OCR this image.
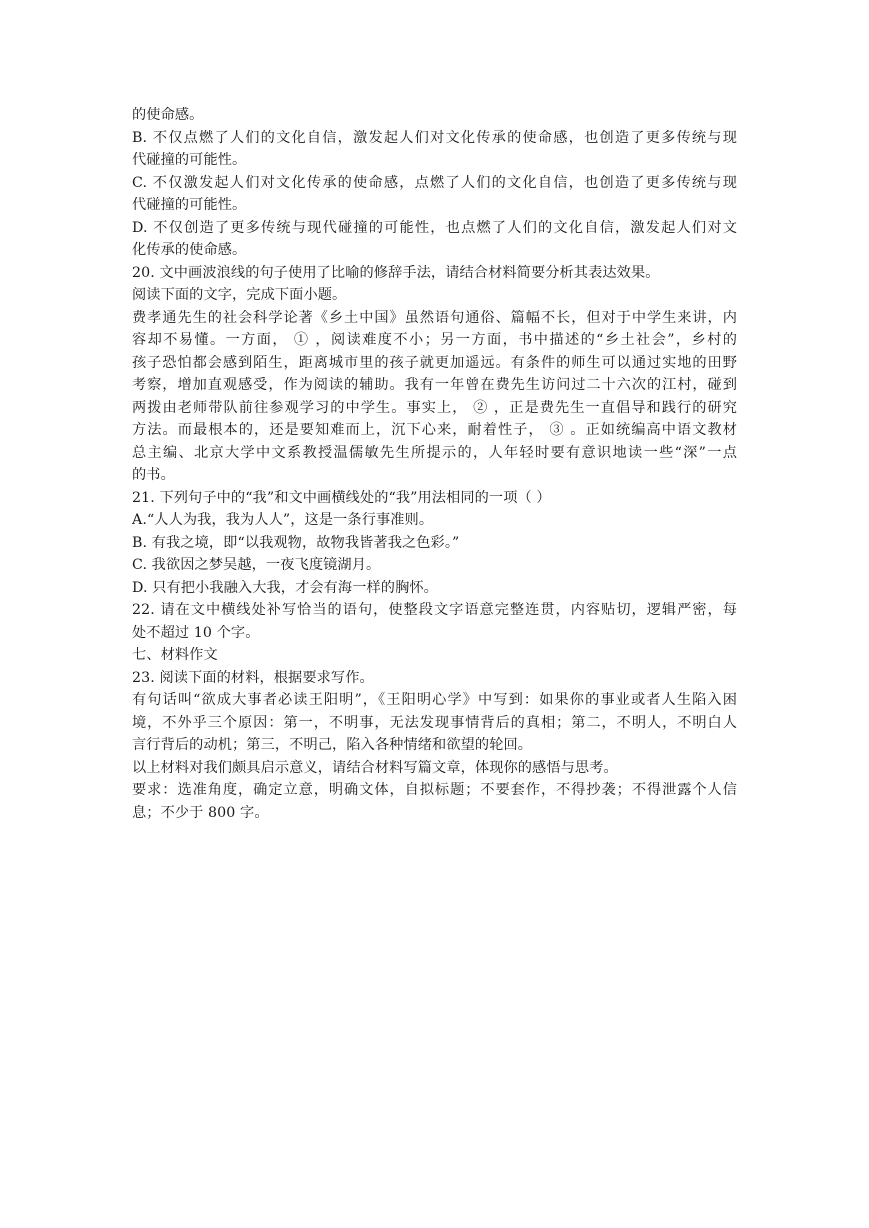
的使命感。
B. 不仅点燃了人们的文化自信，激发起人们对文化传承的使命感，也创造了更多传统与现
代碰撞的可能性。
C. 不仅激发起人们对文化传承的使命感，点燃了人们的文化自信，也创造了更多传统与现
代碰撞的可能性。
D. 不仅创造了更多传统与现代碰撞的可能性，也点燃了人们的文化自信，激发起人们对文
化传承的使命感。
20. 文中画波浪线的句子使用了比喻的修辞手法，请结合材料简要分析其表达效果。
阅读下面的文字，完成下面小题。
费孝通先生的社会科学论著《乡土中国》虽然语句通俗、篇幅不长，但对于中学生来讲，内
容却不易懂。一方面， ① ，阅读难度不小；另一方面，书中描述的“乡土社会”，乡村的
孩子恐怕都会感到陌生，距离城市里的孩子就更加遥远。有条件的师生可以通过实地的田野
考察，增加直观感受，作为阅读的辅助。我有一年曾在费先生访问过二十六次的江村，碰到
两拨由老师带队前往参观学习的中学生。事实上， ② ，正是费先生一直倡导和践行的研究
方法。而最根本的，还是要知难而上，沉下心来，耐着性子， ③ 。正如统编高中语文教材
总主编、北京大学中文系教授温儒敏先生所提示的，人年轻时要有意识地读一些“深”一点
的书。
21. 下列句子中的“我”和文中画横线处的“我”用法相同的一项（ ）
A.“人人为我，我为人人”，这是一条行事准则。
B. 有我之境，即“以我观物，故物我皆著我之色彩。”
C. 我欲因之梦吴越，一夜飞度镜湖月。
D. 只有把小我融入大我，才会有海一样的胸怀。
22. 请在文中横线处补写恰当的语句，使整段文字语意完整连贯，内容贴切，逻辑严密，每
处不超过 10 个字。
七、材料作文
23. 阅读下面的材料，根据要求写作。
有句话叫“欲成大事者必读王阳明”，《王阳明心学》中写到：如果你的事业或者人生陷入困
境，不外乎三个原因：第一，不明事，无法发现事情背后的真相；第二，不明人，不明白人
言行背后的动机；第三，不明己，陷入各种情绪和欲望的轮回。
以上材料对我们颇具启示意义，请结合材料写篇文章，体现你的感悟与思考。
要求：选准角度，确定立意，明确文体，自拟标题；不要套作，不得抄袭；不得泄露个人信
息；不少于 800 字。
